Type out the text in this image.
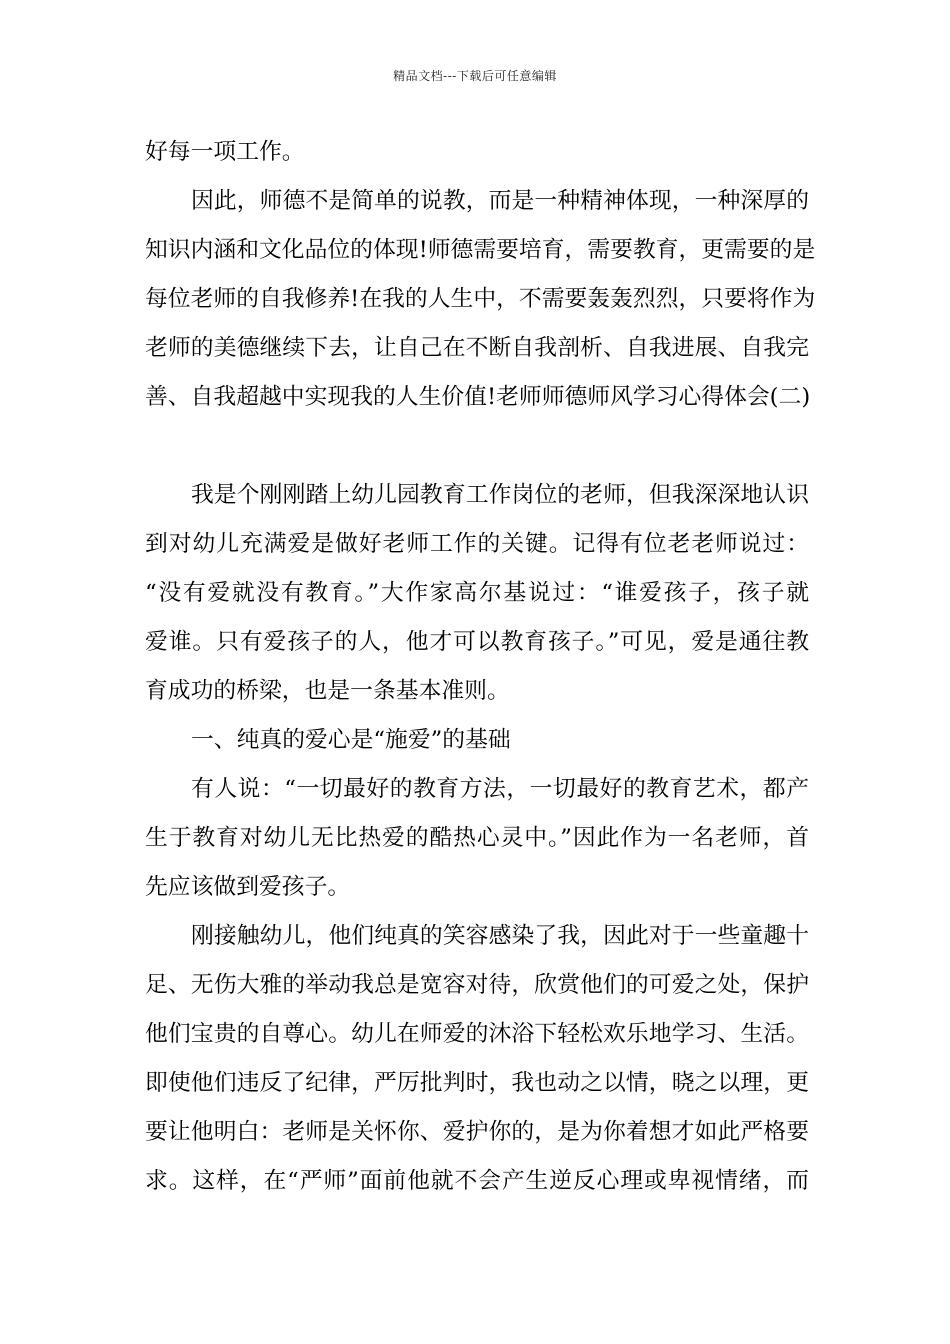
精品文档---下载后可任意编辑
好每一项工作。
因此，师德不是简单的说教，而是一种精神体现，一种深厚的
知识内涵和文化品位的体现!师德需要培育，需要教育，更需要的是
每位老师的自我修养!在我的人生中，不需要轰轰烈烈，只要将作为
老师的美德继续下去，让自己在不断自我剖析、自我进展、自我完
善、自我超越中实现我的人生价值!老师师德师风学习心得体会(二)
我是个刚刚踏上幼儿园教育工作岗位的老师，但我深深地认识
到对幼儿充满爱是做好老师工作的关键。记得有位老老师说过：
“没有爱就没有教育。”大作家高尔基说过：“谁爱孩子，孩子就
爱谁。只有爱孩子的人，他才可以教育孩子。”可见，爱是通往教
育成功的桥梁，也是一条基本准则。
一、纯真的爱心是“施爱”的基础
有人说：“一切最好的教育方法，一切最好的教育艺术，都产
生于教育对幼儿无比热爱的酷热心灵中。”因此作为一名老师，首
先应该做到爱孩子。
刚接触幼儿，他们纯真的笑容感染了我，因此对于一些童趣十
足、无伤大雅的举动我总是宽容对待，欣赏他们的可爱之处，保护
他们宝贵的自尊心。幼儿在师爱的沐浴下轻松欢乐地学习、生活。
即使他们违反了纪律，严厉批判时，我也动之以情，晓之以理，更
要让他明白：老师是关怀你、爱护你的，是为你着想才如此严格要
求。这样，在“严师”面前他就不会产生逆反心理或卑视情绪，而
